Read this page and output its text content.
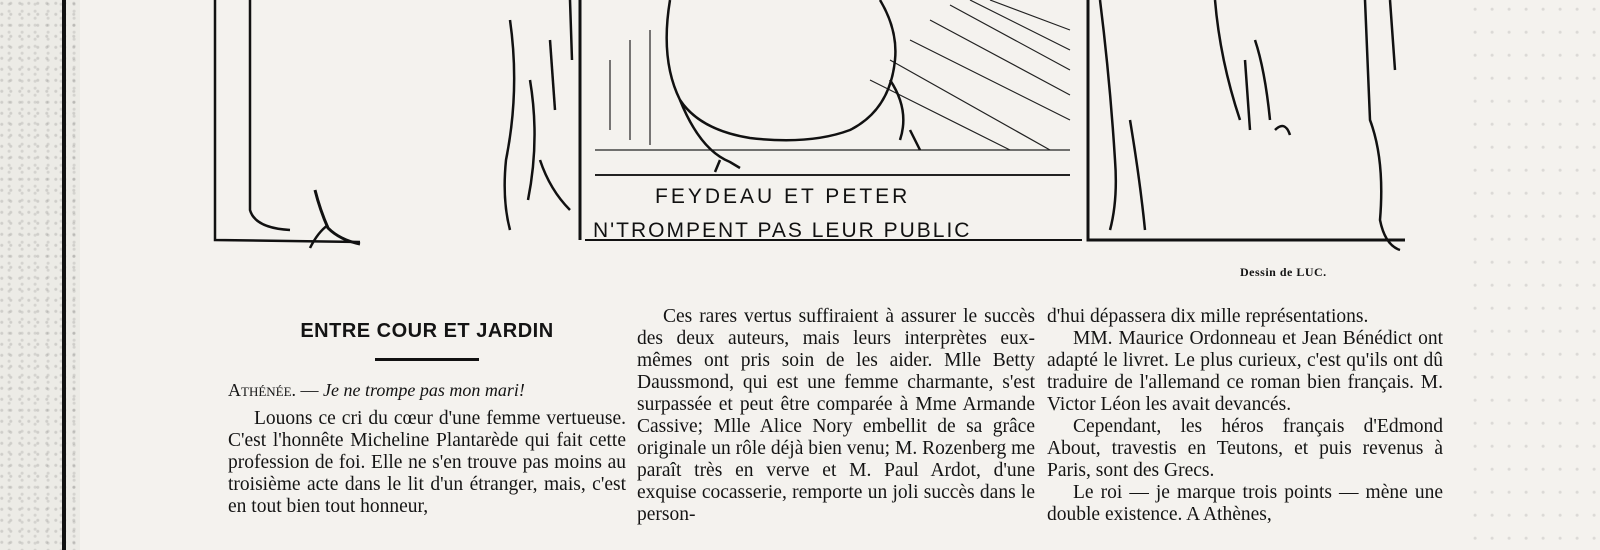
FEYDEAU ET PETER
N'TROMPENT PAS LEUR PUBLIC
Dessin de LUC.
ENTRE COUR ET JARDIN

Athénée. — Je ne trompe pas mon mari!

Louons ce cri du cœur d'une femme vertueuse. C'est l'honnête Micheline Plantarède qui fait cette profession de foi. Elle ne s'en trouve pas moins au troisième acte dans le lit d'un étranger, mais, c'est en tout bien tout honneur,

Ces rares vertus suffiraient à assurer le succès des deux auteurs, mais leurs interprètes eux-mêmes ont pris soin de les aider. Mlle Betty Daussmond, qui est une femme charmante, s'est surpassée et peut être comparée à Mme Armande Cassive; Mlle Alice Nory embellit de sa grâce originale un rôle déjà bien venu; M. Rozenberg me paraît très en verve et M. Paul Ardot, d'une exquise cocasserie, remporte un joli succès dans le person-

d'hui dépassera dix mille représentations.

MM. Maurice Ordonneau et Jean Bénédict ont adapté le livret. Le plus curieux, c'est qu'ils ont dû traduire de l'allemand ce roman bien français. M. Victor Léon les avait devancés.

Cependant, les héros français d'Edmond About, travestis en Teutons, et puis revenus à Paris, sont des Grecs.

Le roi — je marque trois points — mène une double existence. A Athènes,
